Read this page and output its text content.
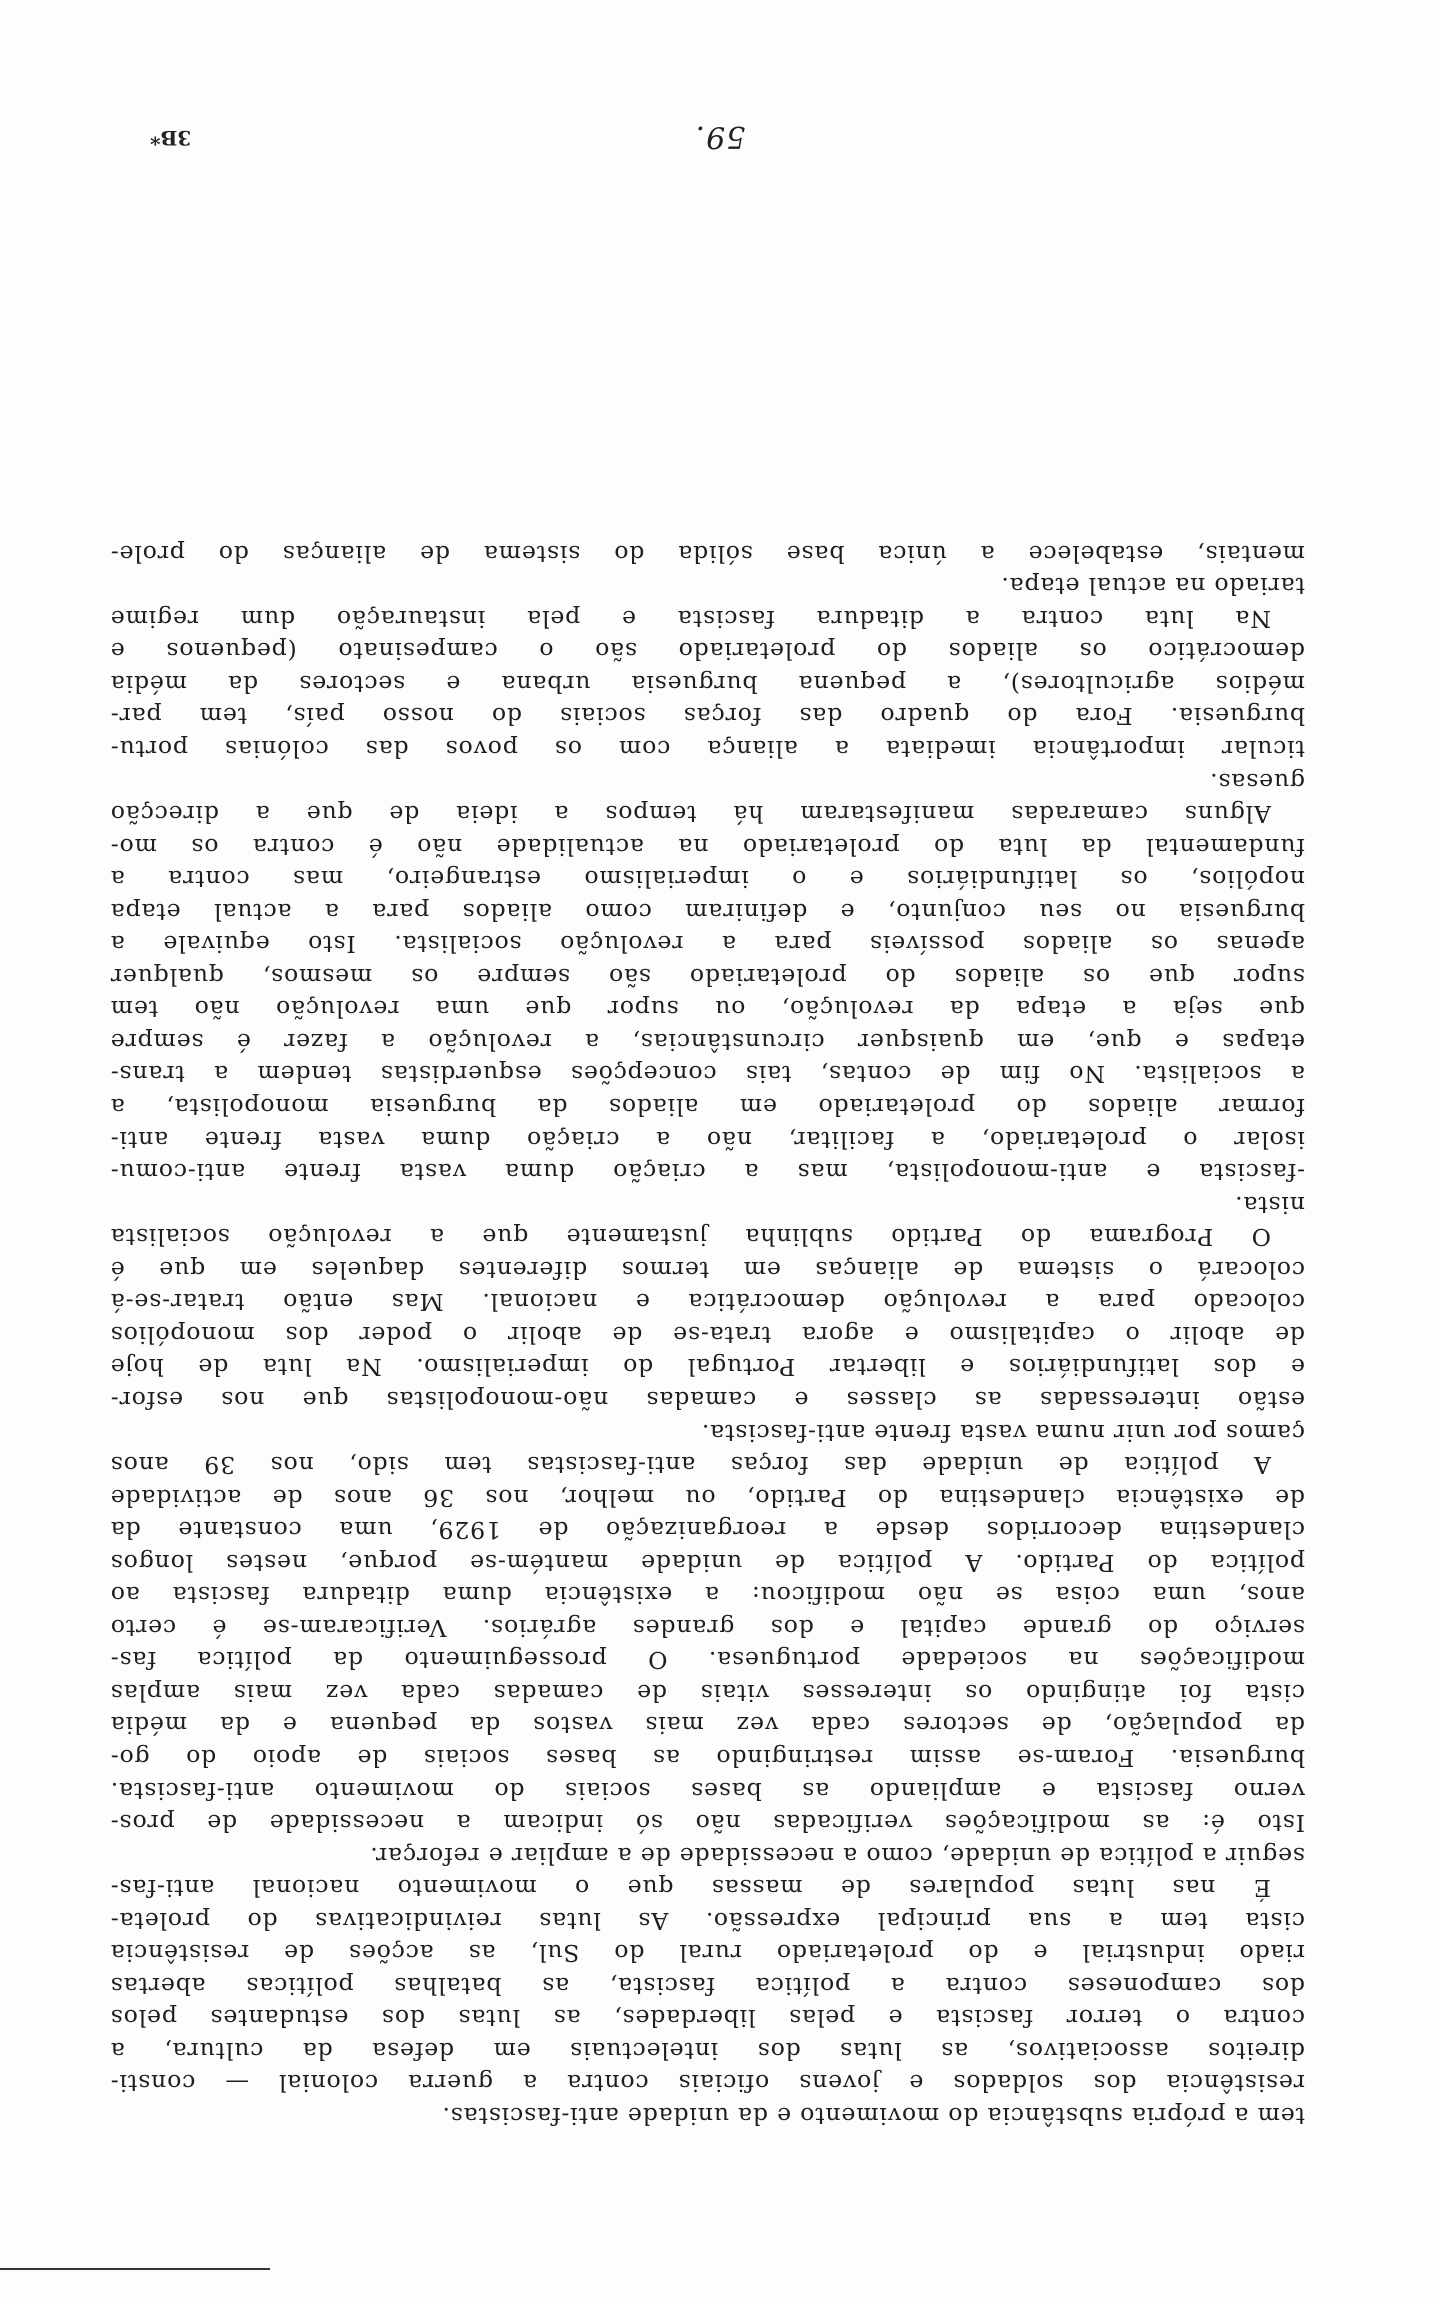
59.
3B*
tem a própria substância do movimento e da unidade anti-fascistas.
resistência dos soldados e jovens oficiais contra a guerra colonial — consti-
direitos associativos, as lutas dos intelectuais em defesa da cultura, a
contra o terror fascista e pelas liberdades, as lutas dos estudantes pelos
dos camponeses contra a política fascista, as batalhas políticas abertas
riado industrial e do proletariado rural do Sul, as acções de resistência
cista tem a sua principal expressão. As lutas reivindicativas do proleta-
É nas lutas populares de massas que o movimento nacional anti-fas-
seguir a política de unidade, como a necessidade de a ampliar e reforçar.
Isto é: as modificações verificadas não só indicam a necessidade de pros-
verno fascista e ampliando as bases sociais do movimento anti-fascista.
burguesia. Foram-se assim restringindo as bases sociais de apoio do go-
da população, de sectores cada vez mais vastos da pequena e da média
cista foi atingindo os interesses vitais de camadas cada vez mais amplas
modificações na sociedade portuguesa. O prosseguimento da política fas-
serviço do grande capital e dos grandes agrários. Verificaram-se é certo
anos, uma coisa se não modificou: a existência duma ditadura fascista ao
política do Partido. A política de unidade mantém-se porque, nestes longos
clandestina decorridos desde a reorganização de 1929, uma constante da
de existência clandestina do Partido, ou melhor, nos 36 anos de actividade
A política de unidade das forças anti-fascistas tem sido, nos 39 anos
çamos por unir numa vasta frente anti-fascista.
estão interessadas as classes e camadas não-monopolistas que nos esfor-
e dos latifundiários e libertar Portugal do imperialismo. Na luta de hoje
de abolir o capitalismo e agora trata-se de abolir o poder dos monopólios
colocado para a revolução democrática e nacional. Mas então tratar-se-á
colocará o sistema de alianças em termos diferentes daqueles em que é
O Programa do Partido sublinha justamente que a revolução socialista
nista.
-fascista e anti-monopolista, mas a criação duma vasta frente anti-comu-
isolar o proletariado, a facilitar, não a criação duma vasta frente anti-
formar aliados do proletariado em aliados da burguesia monopolista, a
a socialista. No fim de contas, tais concepções esquerdistas tendem a trans-
etapas e que, em quaisquer circunstâncias, a revolução a fazer é sempre
que seja a etapa da revolução, ou supor que uma revolução não tem
supor que os aliados do proletariado são sempre os mesmos, qualquer
apenas os aliados possíveis para a revolução socialista. Isto equivale a
burguesia no seu conjunto, e definiram como aliados para a actual etapa
nopólios, os latifundiários e o imperialismo estrangeiro, mas contra a
fundamental da luta do proletariado na actualidade não é contra os mo-
Alguns camaradas manifestaram há tempos a ideia de que a direcção
guesas.
ticular importância imediata a aliança com os povos das colónias portu-
burguesia. Fora do quadro das forças sociais do nosso país, tem par-
médios agricultores), a pequena burguesia urbana e sectores da média
democrático os aliados do proletariado são o campesinato (pequenos e
Na luta contra a ditadura fascista e pela instauração dum regime
tariado na actual etapa.
mentais, estabelece a única base sólida do sistema de alianças do prole-
